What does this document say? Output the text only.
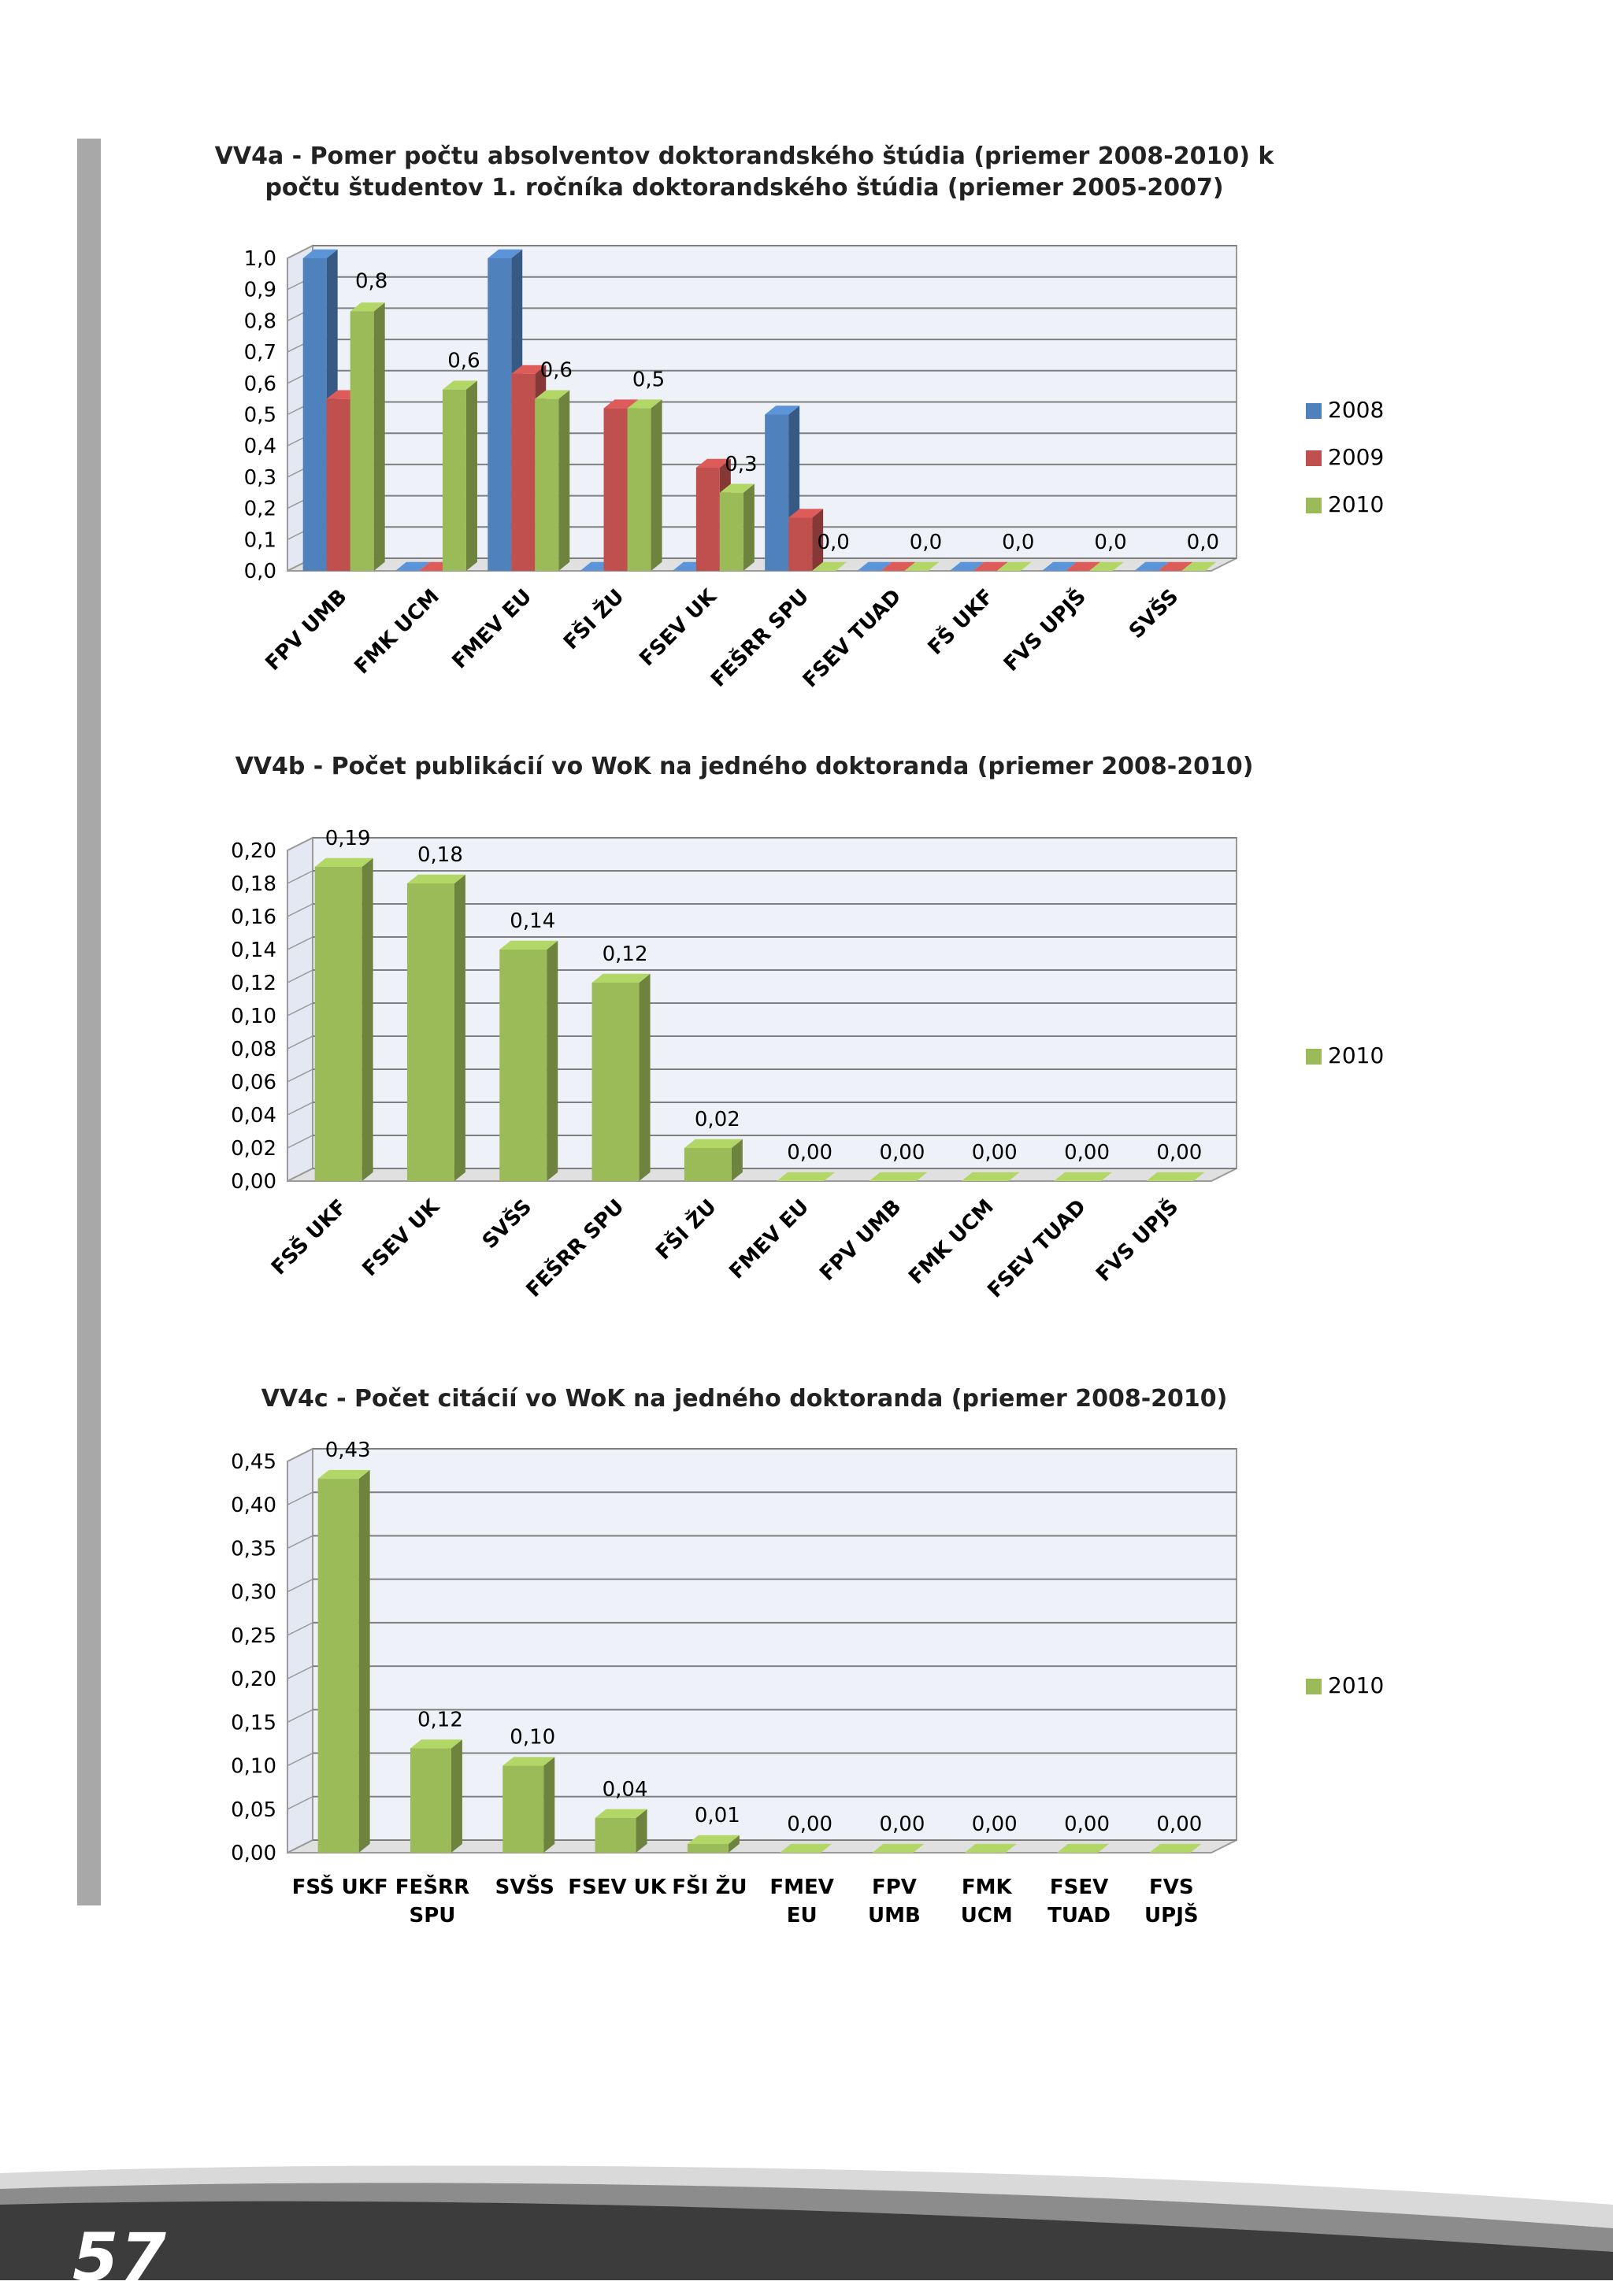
VV4a - Pomer počtu absolventov doktorandského štúdia (priemer 2008-2010) k
počtu študentov 1. ročníka doktorandského štúdia (priemer 2005-2007)
0,0
0,1
0,2
0,3
0,4
0,5
0,6
0,7
0,8
0,9
1,0
0,8
FPV UMB
0,6
FMK UCM
0,6
FMEV EU
0,5
FŠI ŽU
0,3
FSEV UK
0,0
FEŠRR SPU
0,0
FSEV TUAD
0,0
FŠ UKF
0,0
FVS UPJŠ
0,0
SVŠS
2008
2009
2010
VV4b - Počet publikácií vo WoK na jedného doktoranda (priemer 2008-2010)
0,00
0,02
0,04
0,06
0,08
0,10
0,12
0,14
0,16
0,18
0,20
0,19
FSŠ UKF
0,18
FSEV UK
0,14
SVŠS
0,12
FEŠRR SPU
0,02
FŠI ŽU
0,00
FMEV EU
0,00
FPV UMB
0,00
FMK UCM
0,00
FSEV TUAD
0,00
FVS UPJŠ
2010
VV4c - Počet citácií vo WoK na jedného doktoranda (priemer 2008-2010)
0,00
0,05
0,10
0,15
0,20
0,25
0,30
0,35
0,40
0,45 0,43
FSŠ UKF
0,12
FEŠRR
SPU
0,10
SVŠS
0,04
FSEV UK
0,01
FŠI ŽU
0,00
FMEV
EU
0,00
FPV
UMB
0,00
FMK
UCM
0,00
FSEV
TUAD
0,00
FVS
UPJŠ
2010
57
